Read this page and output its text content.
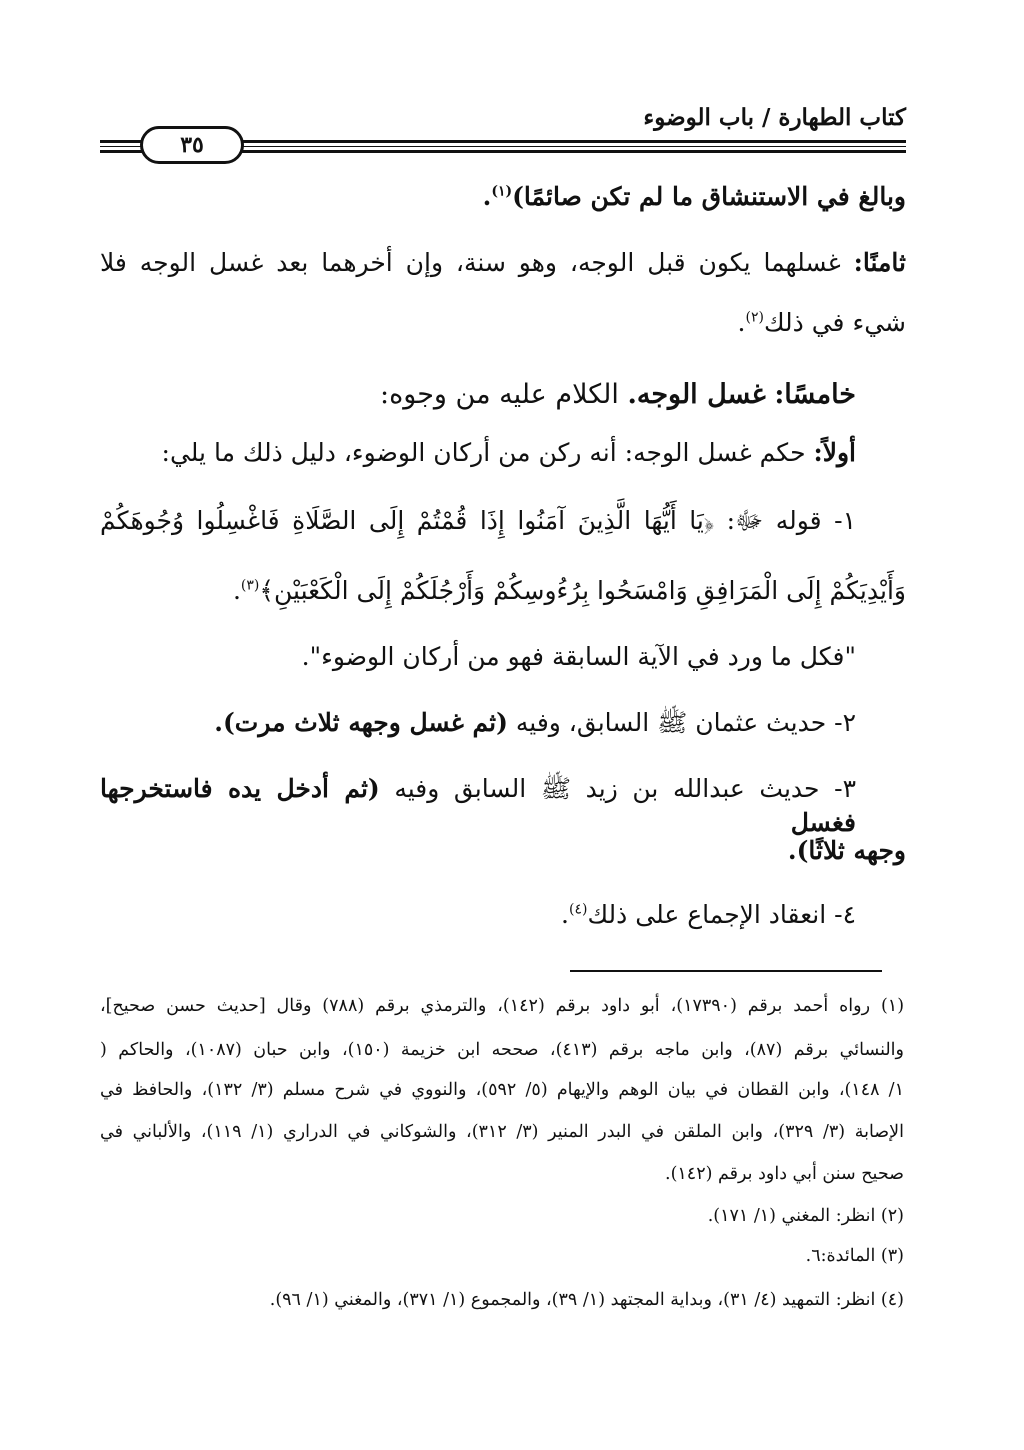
كتاب الطهارة / باب الوضوء
٣٥
وبالغ في الاستنشاق ما لم تكن صائمًا)$^{(١)}$.
ثامنًا: غسلهما يكون قبل الوجه، وهو سنة، وإن أخرهما بعد غسل الوجه فلا
شيء في ذلك$^{(٢)}$.
خامسًا: غسل الوجه. الكلام عليه من وجوه:
أولاً: حكم غسل الوجه: أنه ركن من أركان الوضوء، دليل ذلك ما يلي:
١- قوله ﷻ: ﴿يَا أَيُّهَا الَّذِينَ آمَنُوا إِذَا قُمْتُمْ إِلَى الصَّلَاةِ فَاغْسِلُوا وُجُوهَكُمْ
وَأَيْدِيَكُمْ إِلَى الْمَرَافِقِ وَامْسَحُوا بِرُءُوسِكُمْ وَأَرْجُلَكُمْ إِلَى الْكَعْبَيْنِ﴾$^{(٣)}$.
"فكل ما ورد في الآية السابقة فهو من أركان الوضوء".
٢- حديث عثمان ﷺ السابق، وفيه (ثم غسل وجهه ثلاث مرت).
٣- حديث عبدالله بن زيد ﷺ السابق وفيه (ثم أدخل يده فاستخرجها فغسل
وجهه ثلاثًا).
٤- انعقاد الإجماع على ذلك$^{(٤)}$.
(١) رواه أحمد برقم (١٧٣٩٠)، أبو داود برقم (١٤٢)، والترمذي برقم (٧٨٨) وقال [حديث حسن صحيح]،
والنسائي برقم (٨٧)، وابن ماجه برقم (٤١٣)، صححه ابن خزيمة (١٥٠)، وابن حبان (١٠٨٧)، والحاكم (
١/ ١٤٨)، وابن القطان في بيان الوهم والإيهام (٥/ ٥٩٢)، والنووي في شرح مسلم (٣/ ١٣٢)، والحافظ في
الإصابة (٣/ ٣٢٩)، وابن الملقن في البدر المنير (٣/ ٣١٢)، والشوكاني في الدراري (١/ ١١٩)، والألباني في
صحيح سنن أبي داود برقم (١٤٢).
(٢) انظر: المغني (١/ ١٧١).
(٣) المائدة:٦.
(٤) انظر: التمهيد (٤/ ٣١)، وبداية المجتهد (١/ ٣٩)، والمجموع (١/ ٣٧١)، والمغني (١/ ٩٦).
